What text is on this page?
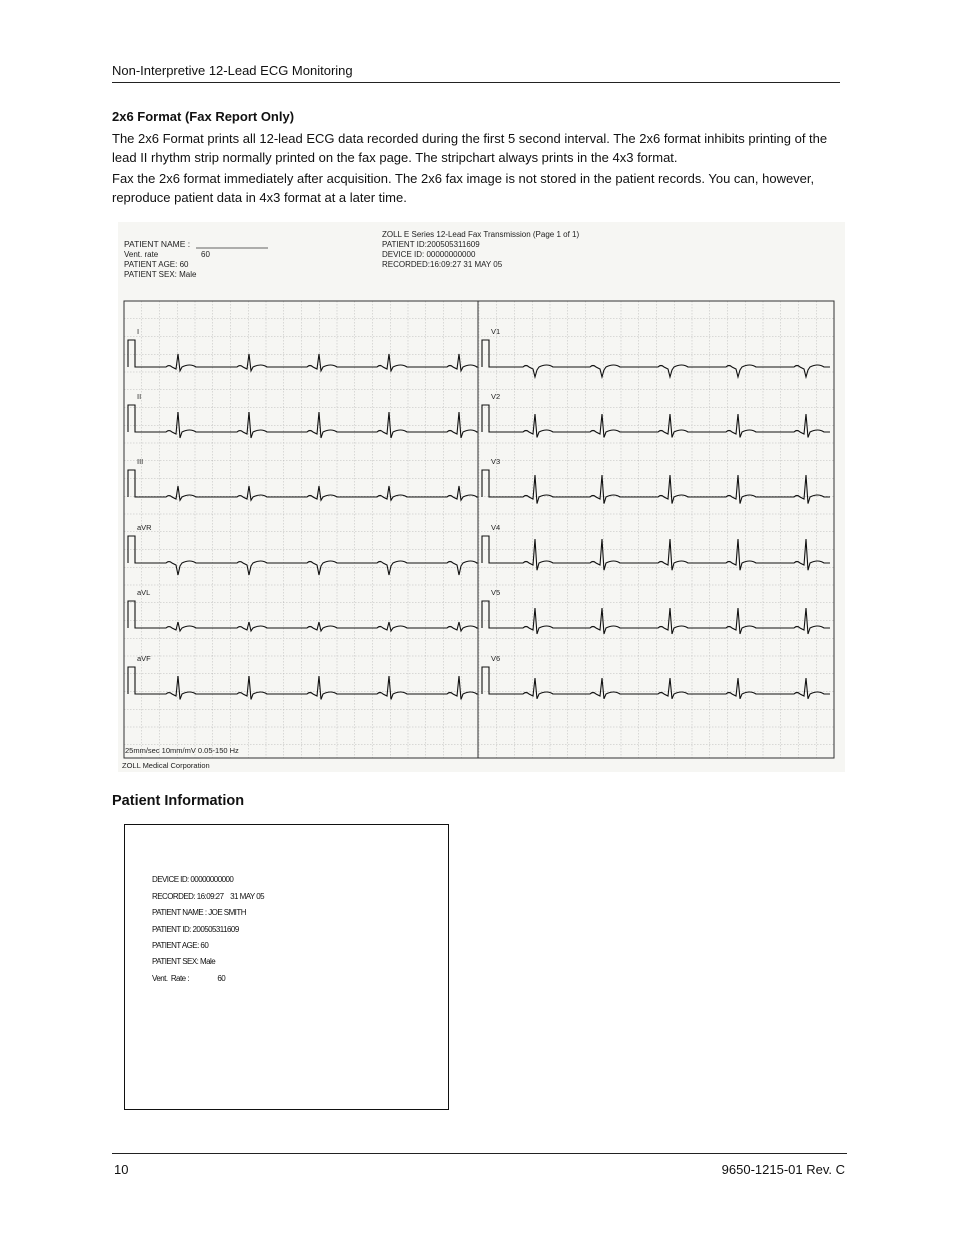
Non-Interpretive 12-Lead ECG Monitoring
2x6 Format (Fax Report Only)
The 2x6 Format prints all 12-lead ECG data recorded during the first 5 second interval. The 2x6 format inhibits printing of the lead II rhythm strip normally printed on the fax page. The stripchart always prints in the 4x3 format.
Fax the 2x6 format immediately after acquisition. The 2x6 fax image is not stored in the patient records. You can, however, reproduce patient data in 4x3 format at a later time.
PATIENT NAME :
Vent. rate	60
PATIENT AGE: 60
PATIENT SEX: Male
ZOLL E Series 12-Lead Fax Transmission (Page 1 of 1)
PATIENT ID:200505311609
DEVICE ID: 00000000000
RECORDED:16:09:27 31 MAY 05
I
II
III
aVR
aVL
aVF
V1
V2
V3
V4
V5
V6
25mm/sec 10mm/mV 0.05-150 Hz
ZOLL Medical Corporation
Patient Information
DEVICE ID: 00000000000
RECORDED: 16:09:27    31 MAY 05
PATIENT NAME : JOE SMITH
PATIENT ID: 200505311609
PATIENT AGE: 60
PATIENT SEX: Male
Vent.  Rate :                 60
10	9650-1215-01 Rev. C
